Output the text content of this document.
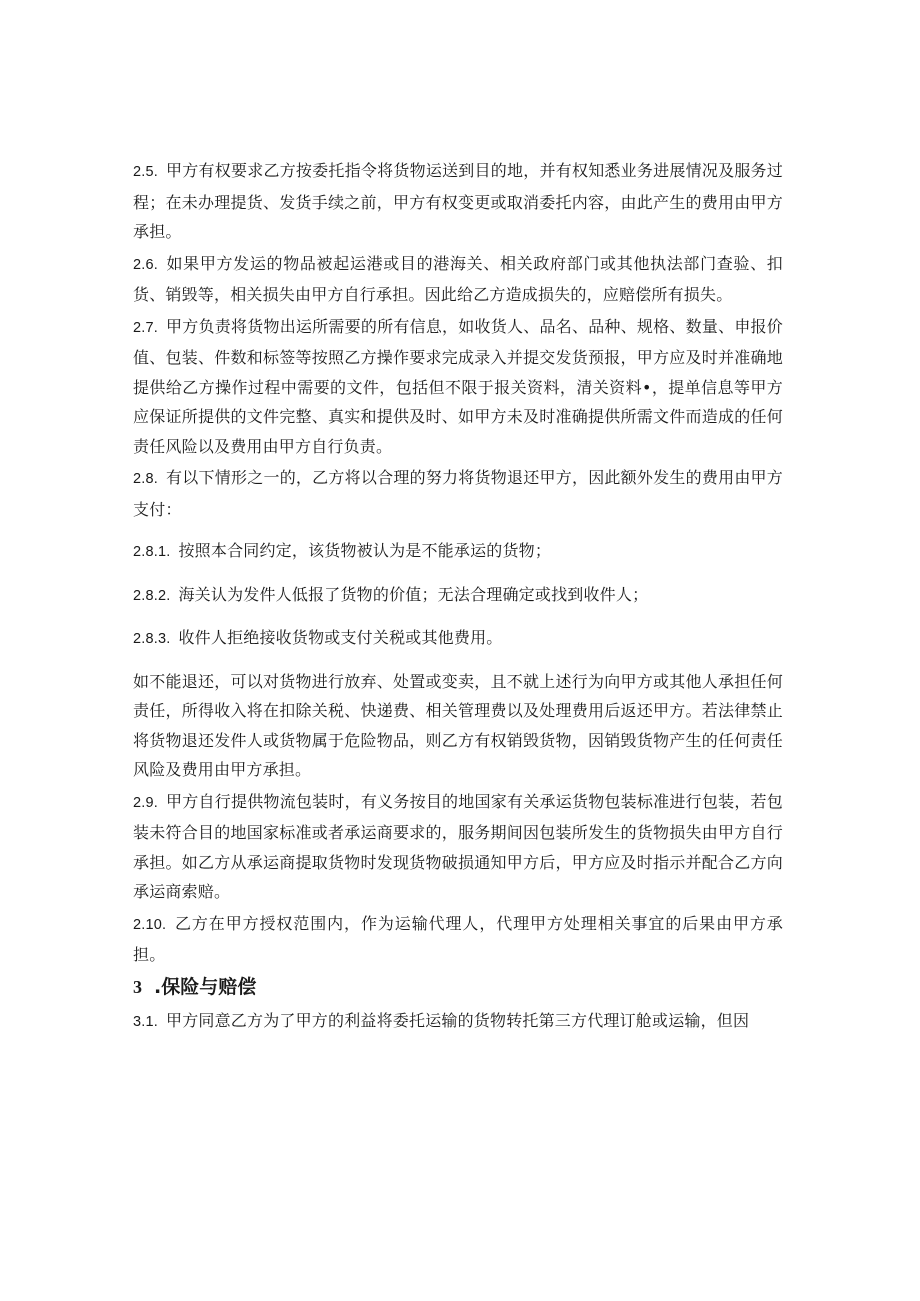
2.5. 甲方有权要求乙方按委托指令将货物运送到目的地，并有权知悉业务进展情况及服务过程；在未办理提货、发货手续之前，甲方有权变更或取消委托内容，由此产生的费用由甲方承担。

2.6. 如果甲方发运的物品被起运港或目的港海关、相关政府部门或其他执法部门查验、扣货、销毁等，相关损失由甲方自行承担。因此给乙方造成损失的，应赔偿所有损失。

2.7. 甲方负责将货物出运所需要的所有信息，如收货人、品名、品种、规格、数量、申报价值、包装、件数和标签等按照乙方操作要求完成录入并提交发货预报，甲方应及时并准确地提供给乙方操作过程中需要的文件，包括但不限于报关资料，清关资料•，提单信息等甲方应保证所提供的文件完整、真实和提供及时、如甲方未及时准确提供所需文件而造成的任何责任风险以及费用由甲方自行负责。

2.8. 有以下情形之一的，乙方将以合理的努力将货物退还甲方，因此额外发生的费用由甲方支付：

2.8.1. 按照本合同约定，该货物被认为是不能承运的货物；

2.8.2. 海关认为发件人低报了货物的价值；无法合理确定或找到收件人；

2.8.3. 收件人拒绝接收货物或支付关税或其他费用。

如不能退还，可以对货物进行放弃、处置或变卖，且不就上述行为向甲方或其他人承担任何责任，所得收入将在扣除关税、快递费、相关管理费以及处理费用后返还甲方。若法律禁止将货物退还发件人或货物属于危险物品，则乙方有权销毁货物，因销毁货物产生的任何责任风险及费用由甲方承担。

2.9. 甲方自行提供物流包装时，有义务按目的地国家有关承运货物包装标准进行包装，若包装未符合目的地国家标准或者承运商要求的，服务期间因包装所发生的货物损失由甲方自行承担。如乙方从承运商提取货物时发现货物破损通知甲方后，甲方应及时指示并配合乙方向承运商索赔。

2.10. 乙方在甲方授权范围内，作为运输代理人，代理甲方处理相关事宜的后果由甲方承担。

3 .保险与赔偿

3.1. 甲方同意乙方为了甲方的利益将委托运输的货物转托第三方代理订舱或运输，但因
